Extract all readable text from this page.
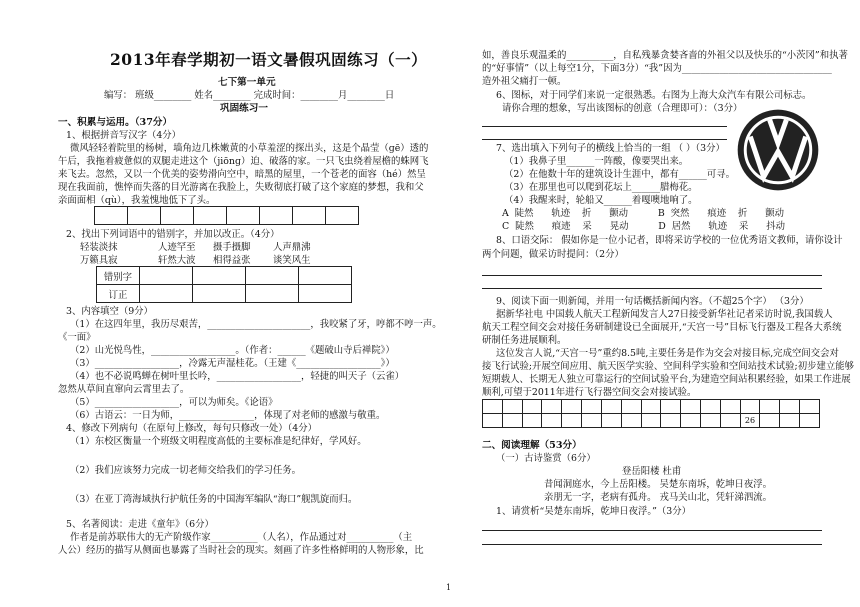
2013年春学期初一语文暑假巩固练习（一）
七下第一单元
编写： 班级________ 姓名________ 完成时间：________月________日
巩固练习一
一、积累与运用。（37分）
1、根据拼音写汉字（4分）
微风轻轻着院里的杨树，墙角边几株嫩黄的小草羞涩的探出头，这是个晶莹（ɡē）透的
午后，我拖着疲惫似的双腿走进这个（jiōnɡ）迫、破落的家。一只飞虫绕着屋檐的蛛网飞
来飞去。忽然，又以一个优美的姿势滑向空中，暗黑的屋里，一个苍老的面容（hé）然呈
现在我面前，憔悴而失落的目光游离在我脸上，失败彻底打破了这个家庭的梦想，我和父
亲面面相（qù），我羞愧地低下了头。

2、找出下列词语中的错别字，并加以改正。（4分）
轻装淡抹	人迹罕至 摄手摄脚 人声鼎沸
万籁具寂	轩然大波 相得益张 谈笑风生
错别字				
订正				
3、内容填空（9分）
（1）在这四年里，我历尽艰苦，______________________，我咬紧了牙，哼都不哼一声。
《一面》
（2）山光悦鸟性，__________________。（作者：______《题破山寺后禅院》）
（3）__________________，冷露无声湿桂花。（王建《__________________》）
（4）也不必说鸣蝉在树叶里长吟，__________________，轻捷的叫天子（云雀）
忽然从草间直窜向云霄里去了。
（5）__________________，可以为师矣。《论语》
（6）古语云：一日为师，________________，体现了对老师的感激与敬重。
4、修改下列病句（在原句上修改，每句只修改一处）（4分）
（1）东校区衡量一个班级文明程度高低的主要标准是纪律好，学风好。
（2）我们应该努力完成一切老师交给我们的学习任务。
（3）在亚丁湾海域执行护航任务的中国海军编队“海口”舰凯旋而归。
5、名著阅读：走进《童年》（6分）
作者是前苏联伟大的无产阶级作家__________（人名），作品通过对__________（主
人公）经历的描写从侧面也暴露了当时社会的现实。刻画了许多性格鲜明的人物形象，比
如，善良乐观温柔的__________，自私残暴贪婪吝啬的外祖父以及快乐的“小茨冈”和执著
的“好事情”（以上每空1分，下面3分）“我”因为________________________________
造外祖父痛打一顿。
6、图标，对于同学们来说一定很熟悉。右图为上海大众汽车有限公司标志。
请你合理的想象，写出该图标的创意（合理即可）：（3分）
7、选出填入下列句子的横线上恰当的一组 （ ）（3分）
（1）我鼻子里______一阵酸，像要哭出来。
（2）在他数十年的建筑设计生涯中，都有______可寻。
（3）在那里也可以爬到花坛上______腊梅花。
（4）我醒来时，轮船又______着嘎噢地响了。
A  陡然      轨迹    折      颤动          B  突然      痕迹    折      颤动
C  陡然      痕迹    采      晃动          D  居然      轨迹    采      抖动
8、口语交际： 假如你是一位小记者，即将采访学校的一位优秀语文教师，请你设计
两个问题，做采访时提问：（2分）
9、阅读下面一则新闻，并用一句话概括新闻内容。（不超25个字） （3分）
据新华社电 中国载人航天工程新闻发言人27日接受新华社记者采访时说,我国载人
航天工程空间交会对接任务研制建设已全面展开,“天宫一号”目标飞行器及工程各大系统
研制任务进展顺利。
这位发言人说,“天宫一号”重约8.5吨,主要任务是作为交会对接目标,完成空间交会对
接飞行试验;开展空间应用、航天医学实验、空间科学实验和空间站技术试验;初步建立能够
短期载人、长期无人独立可靠运行的空间试验平台,为建造空间站积累经验，如果工作进展
顺利,可望于2011年进行飞行器空间交会对接试验。

													26			
二、阅读理解（53分）
（一）古诗鉴赏（6分）
登岳阳楼 杜甫
昔闻洞庭水，今上岳阳楼。 吴楚东南坼，乾坤日夜浮。
亲朋无一字，老病有孤舟。 戎马关山北，凭轩涕泗流。
1、请赏析“吴楚东南坼，乾坤日夜浮。”（3分）
1
